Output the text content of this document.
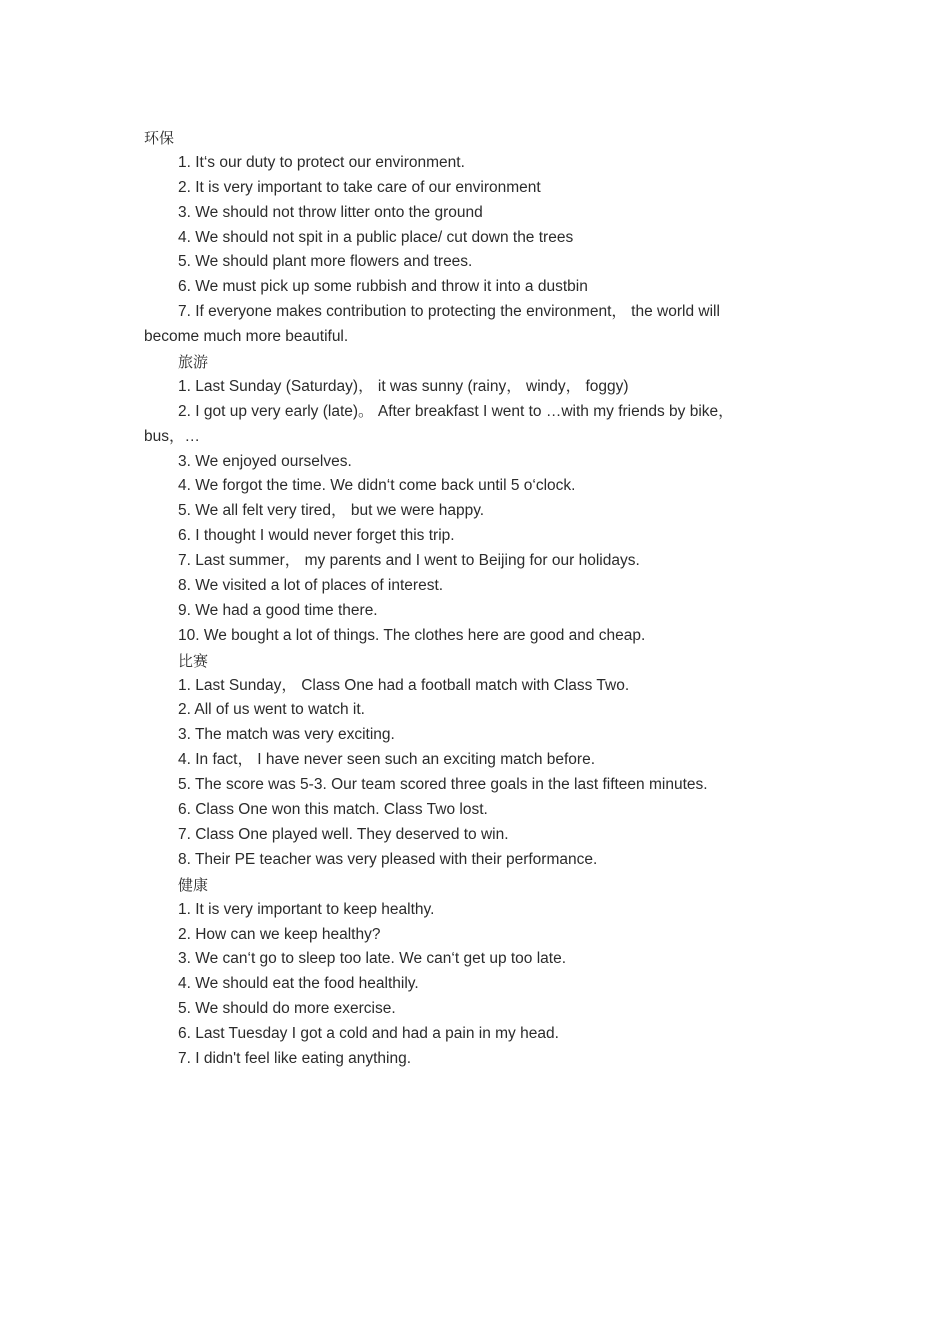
环保
1. It‘s our duty to protect our environment.
2. It is very important to take care of our environment
3. We should not throw litter onto the ground
4. We should not spit in a public place/ cut down the trees
5. We should plant more flowers and trees.
6. We must pick up some rubbish and throw it into a dustbin
7. If everyone makes contribution to protecting the environment， the world will
become much more beautiful.
旅游
1. Last Sunday (Saturday)， it was sunny (rainy， windy， foggy)
2. I got up very early (late)。 After breakfast I went to …with my friends by bike，
bus，…
3. We enjoyed ourselves.
4. We forgot the time. We didn‘t come back until 5 o‘clock.
5. We all felt very tired， but we were happy.
6. I thought I would never forget this trip.
7. Last summer， my parents and I went to Beijing for our holidays.
8. We visited a lot of places of interest.
9. We had a good time there.
10. We bought a lot of things. The clothes here are good and cheap.
比赛
1. Last Sunday， Class One had a football match with Class Two.
2. All of us went to watch it.
3. The match was very exciting.
4. In fact， I have never seen such an exciting match before.
5. The score was 5-3. Our team scored three goals in the last fifteen minutes.
6. Class One won this match. Class Two lost.
7. Class One played well. They deserved to win.
8. Their PE teacher was very pleased with their performance.
健康
1. It is very important to keep healthy.
2. How can we keep healthy?
3. We can‘t go to sleep too late. We can‘t get up too late.
4. We should eat the food healthily.
5. We should do more exercise.
6. Last Tuesday I got a cold and had a pain in my head.
7. I didn't feel like eating anything.
